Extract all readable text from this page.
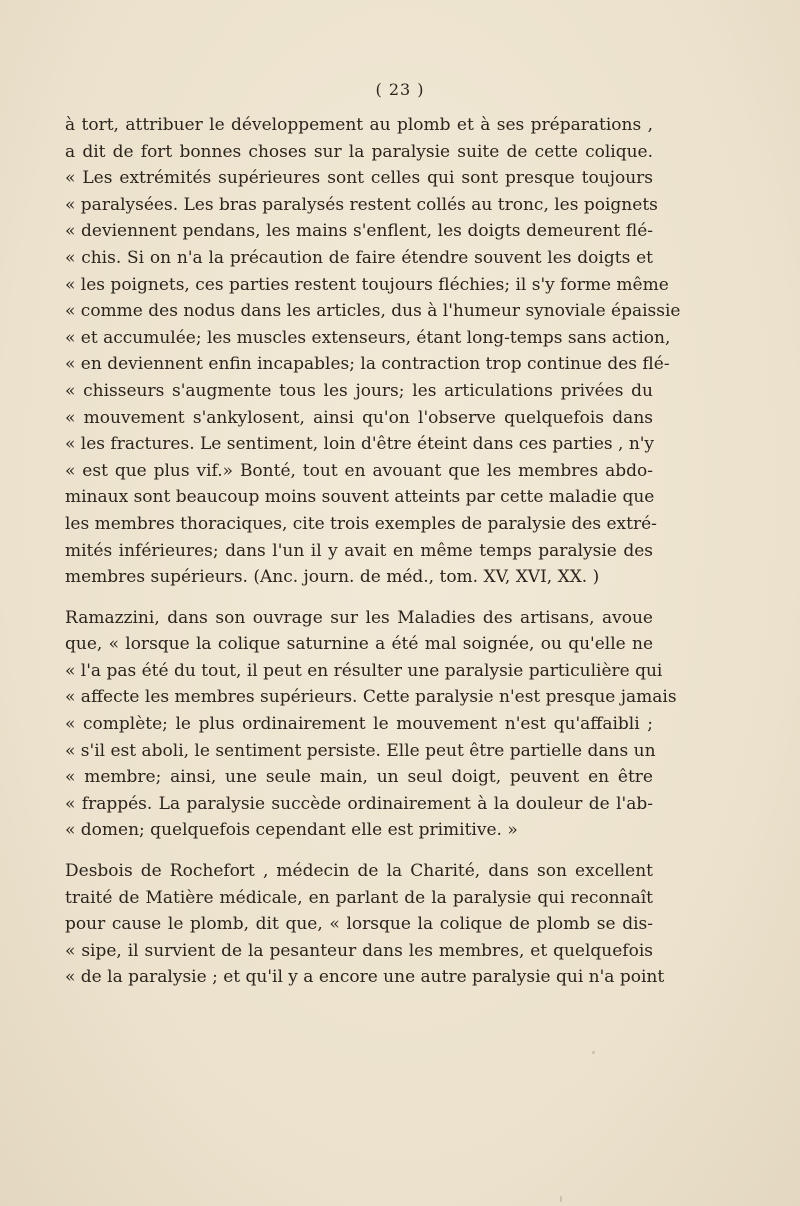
( 23 )
à tort, attribuer le développement au plomb et à ses préparations ,
a dit de fort bonnes choses sur la paralysie suite de cette colique.
« Les extrémités supérieures sont celles qui sont presque toujours
« paralysées. Les bras paralysés restent collés au tronc, les poignets
« deviennent pendans, les mains s'enflent, les doigts demeurent flé-
« chis. Si on n'a la précaution de faire étendre souvent les doigts et
« les poignets, ces parties restent toujours fléchies; il s'y forme même
« comme des nodus dans les articles, dus à l'humeur synoviale épaissie
« et accumulée; les muscles extenseurs, étant long-temps sans action,
« en deviennent enfin incapables; la contraction trop continue des flé-
« chisseurs s'augmente tous les jours; les articulations privées du
« mouvement s'ankylosent, ainsi qu'on l'observe quelquefois dans
« les fractures. Le sentiment, loin d'être éteint dans ces parties , n'y
« est que plus vif.» Bonté, tout en avouant que les membres abdo-
minaux sont beaucoup moins souvent atteints par cette maladie que
les membres thoraciques, cite trois exemples de paralysie des extré-
mités inférieures; dans l'un il y avait en même temps paralysie des
membres supérieurs. (Anc. journ. de méd., tom. XV, XVI, XX. )
Ramazzini, dans son ouvrage sur les Maladies des artisans, avoue
que, « lorsque la colique saturnine a été mal soignée, ou qu'elle ne
« l'a pas été du tout, il peut en résulter une paralysie particulière qui
« affecte les membres supérieurs. Cette paralysie n'est presque jamais
« complète; le plus ordinairement le mouvement n'est qu'affaibli ;
« s'il est aboli, le sentiment persiste. Elle peut être partielle dans un
« membre; ainsi, une seule main, un seul doigt, peuvent en être
« frappés. La paralysie succède ordinairement à la douleur de l'ab-
« domen; quelquefois cependant elle est primitive. »
Desbois de Rochefort , médecin de la Charité, dans son excellent
traité de Matière médicale, en parlant de la paralysie qui reconnaît
pour cause le plomb, dit que, « lorsque la colique de plomb se dis-
« sipe, il survient de la pesanteur dans les membres, et quelquefois
« de la paralysie ; et qu'il y a encore une autre paralysie qui n'a point
